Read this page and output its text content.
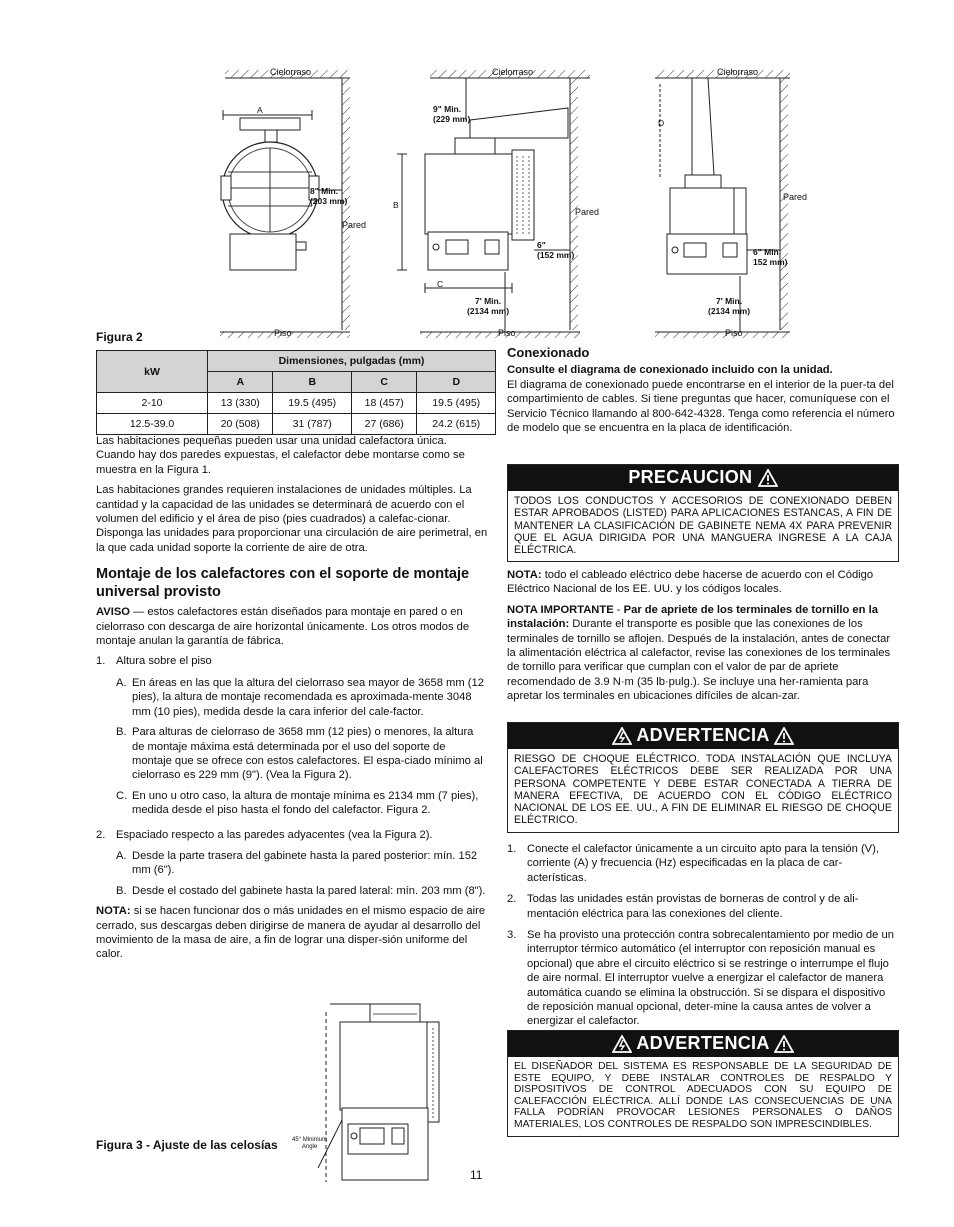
Cielorraso	Cielorraso	Cielorraso
Pared
Pared
Pared
Piso	Piso	Piso
A
B
C
D
8" Min.
(203 mm)
9" Min.
(229 mm)
6"
(152 mm)	6" Min.
152 mm)
7' Min.
(2134 mm)
7' Min.
(2134 mm)
Figura 2
kW	Dimensiones, pulgadas (mm)			
	A	B	C	D
2-10	13 (330)	19.5 (495)	18 (457)	19.5 (495)
12.5-39.0	20 (508)	31 (787)	27 (686)	24.2 (615)

Las habitaciones pequeñas pueden usar una unidad calefactora única. Cuando hay dos paredes expuestas, el calefactor debe montarse como se muestra en la Figura 1.

Las habitaciones grandes requieren instalaciones de unidades múltiples. La cantidad y la capacidad de las unidades se determinará de acuerdo con el volumen del edificio y el área de piso (pies cuadrados) a calefac-cionar. Disponga las unidades para proporcionar una circulación de aire perimetral, en la que cada unidad soporte la corriente de aire de otra.

Montaje de los calefactores con el soporte de montaje universal provisto

AVISO — estos calefactores están diseñados para montaje en pared o en cielorraso con descarga de aire horizontal únicamente. Los otros modos de montaje anulan la garantía de fábrica.

1. Altura sobre el piso
A. En áreas en las que la altura del cielorraso sea mayor de 3658 mm (12 pies), la altura de montaje recomendada es aproximada-mente 3048 mm (10 pies), medida desde la cara inferior del cale-factor.
B. Para alturas de cielorraso de 3658 mm (12 pies) o menores, la altura de montaje máxima está determinada por el uso del soporte de montaje que se ofrece con estos calefactores. El espa-ciado mínimo al cielorraso es 229 mm (9"). (Vea la Figura 2).
C. En uno u otro caso, la altura de montaje mínima es 2134 mm (7 pies), medida desde el piso hasta el fondo del calefactor. Figura 2.
2. Espaciado respecto a las paredes adyacentes (vea la Figura 2).
A. Desde la parte trasera del gabinete hasta la pared posterior: mín. 152 mm (6").
B. Desde el costado del gabinete hasta la pared lateral: mín. 203 mm (8").

NOTA: si se hacen funcionar dos o más unidades en el mismo espacio de aire cerrado, sus descargas deben dirigirse de manera de ayudar al desarrollo del movimiento de la masa de aire, a fin de lograr una disper-sión uniforme del calor.

45° Minimum
Angle
Figura 3 - Ajuste de las celosías
Conexionado

Consulte el diagrama de conexionado incluido con la unidad.

El diagrama de conexionado puede encontrarse en el interior de la puer-ta del compartimiento de cables. Si tiene preguntas que hacer, comuníquese con el Servicio Técnico llamando al 800-642-4328. Tenga como referencia el número de modelo que se encuentra en la placa de identificación.

PRECAUCION
TODOS LOS CONDUCTOS Y ACCESORIOS DE CONEXIONADO DEBEN ESTAR APROBADOS (LISTED) PARA APLICACIONES ESTANCAS, A FIN DE MANTENER LA CLASIFICACIÓN DE GABINETE NEMA 4X PARA PREVENIR QUE EL AGUA DIRIGIDA POR UNA MANGUERA INGRESE A LA CAJA ELÉCTRICA.

NOTA: todo el cableado eléctrico debe hacerse de acuerdo con el Código Eléctrico Nacional de los EE. UU. y los códigos locales.

NOTA IMPORTANTE - Par de apriete de los terminales de tornillo en la instalación: Durante el transporte es posible que las conexiones de los terminales de tornillo se aflojen. Después de la instalación, antes de conectar la alimentación eléctrica al calefactor, revise las conexiones de los terminales de tornillo para verificar que cumplan con el valor de par de apriete recomendado de 3.9 N·m (35 lb·pulg.). Se incluye una her-ramienta para apretar los terminales en ubicaciones difíciles de alcan-zar.

ADVERTENCIA
RIESGO DE CHOQUE ELÉCTRICO. TODA INSTALACIÓN QUE INCLUYA CALEFACTORES ELÉCTRICOS DEBE SER REALIZADA POR UNA PERSONA COMPETENTE Y DEBE ESTAR CONECTADA A TIERRA DE MANERA EFECTIVA, DE ACUERDO CON EL CÓDIGO ELÉCTRICO NACIONAL DE LOS EE. UU., A FIN DE ELIMINAR EL RIESGO DE CHOQUE ELÉCTRICO.
1. Conecte el calefactor únicamente a un circuito apto para la tensión (V), corriente (A) y frecuencia (Hz) especificadas en la placa de car-acterísticas.
2. Todas las unidades están provistas de borneras de control y de ali-mentación eléctrica para las conexiones del cliente.
3. Se ha provisto una protección contra sobrecalentamiento por medio de un interruptor térmico automático (el interruptor con reposición manual es opcional) que abre el circuito eléctrico si se restringe o interrumpe el flujo de aire normal. El interruptor vuelve a energizar el calefactor de manera automática cuando se elimina la obstrucción. Si se dispara el dispositivo de reposición manual opcional, deter-mine la causa antes de volver a energizar el calefactor.
ADVERTENCIA
EL DISEÑADOR DEL SISTEMA ES RESPONSABLE DE LA SEGURIDAD DE ESTE EQUIPO, Y DEBE INSTALAR CONTROLES DE RESPALDO Y DISPOSITIVOS DE CONTROL ADECUADOS CON SU EQUIPO DE CALEFACCIÓN ELÉCTRICA. ALLÍ DONDE LAS CONSECUENCIAS DE UNA FALLA PODRÍAN PROVOCAR LESIONES PERSONALES O DAÑOS MATERIALES, LOS CONTROLES DE RESPALDO SON IMPRESCINDIBLES.
11
